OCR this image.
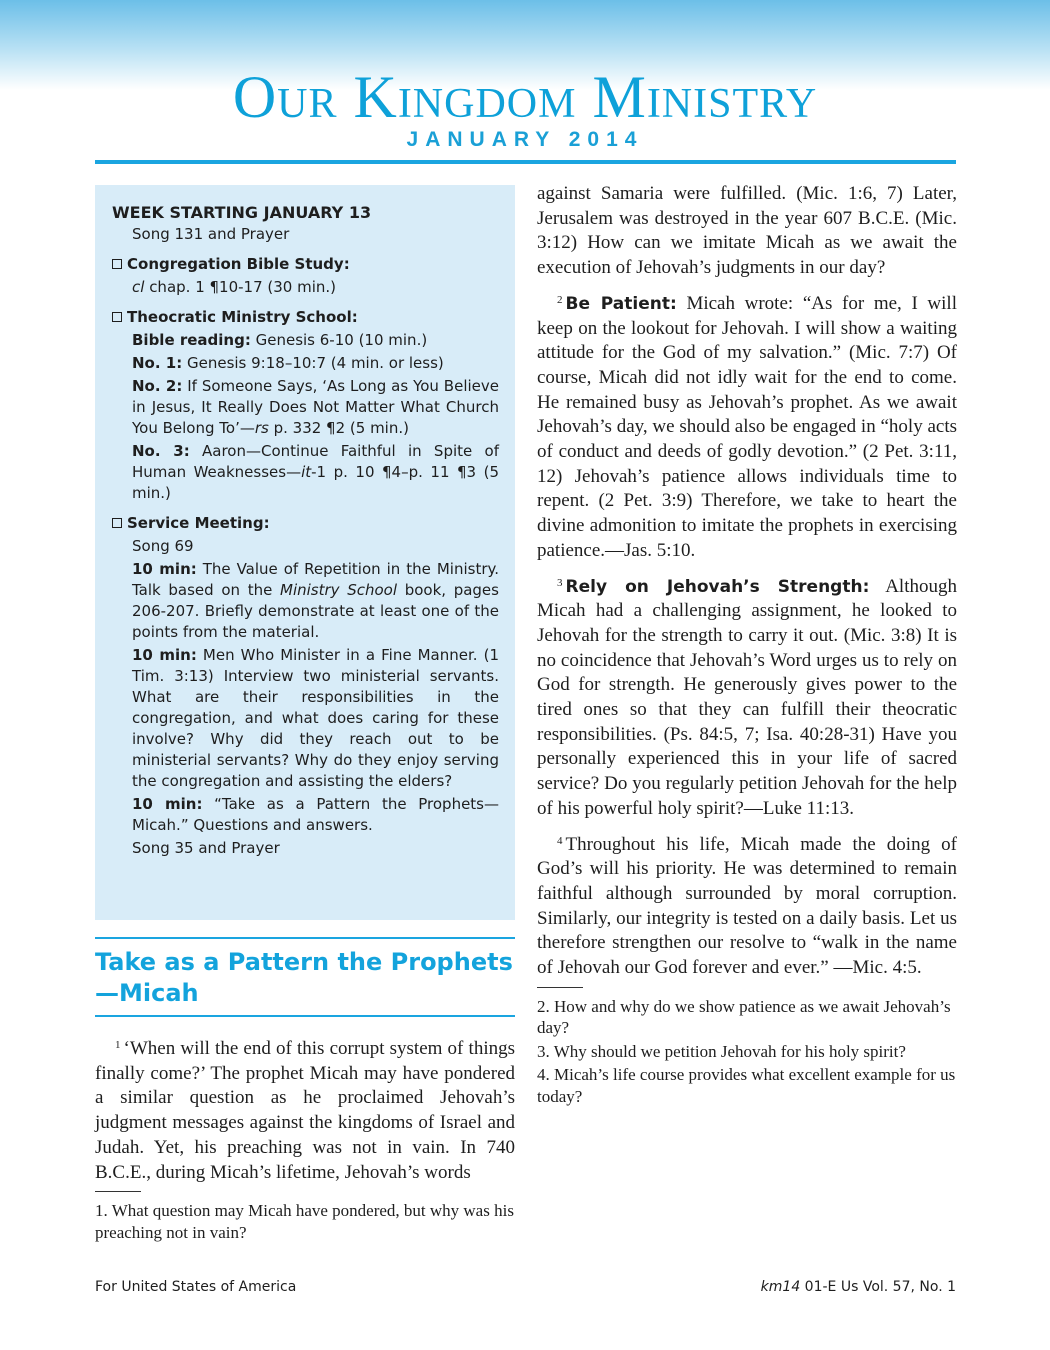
Our Kingdom Ministry
JANUARY 2014
WEEK STARTING JANUARY 13
Song 131 and Prayer
Congregation Bible Study:
cl chap. 1 ¶10-17 (30 min.)
Theocratic Ministry School:
Bible reading: Genesis 6-10 (10 min.)
No. 1: Genesis 9:18–10:7 (4 min. or less)
No. 2: If Someone Says, ‘As Long as You Believe in Jesus, It Really Does Not Matter What Church You Belong To’—rs p. 332 ¶2 (5 min.)
No. 3: Aaron—Continue Faithful in Spite of Human Weaknesses—it-1 p. 10 ¶4–p. 11 ¶3 (5 min.)
Service Meeting:
Song 69
10 min: The Value of Repetition in the Ministry. Talk based on the Ministry School book, pages 206-207. Briefly demonstrate at least one of the points from the material.
10 min: Men Who Minister in a Fine Manner. (1 Tim. 3:13) Interview two ministerial servants. What are their responsibilities in the congregation, and what does caring for these involve? Why did they reach out to be ministerial servants? Why do they enjoy serving the congregation and assisting the elders?
10 min: “Take as a Pattern the Prophets—Micah.” Questions and answers.
Song 35 and Prayer
Take as a Pattern the Prophets —Micah

$^1$ ‘When will the end of this corrupt system of things finally come?’ The prophet Micah may have pondered a similar question as he proclaimed Jehovah’s judgment messages against the kingdoms of Israel and Judah. Yet, his preaching was not in vain. In 740 B.C.E., during Micah’s lifetime, Jehovah’s words

1. What question may Micah have pondered, but why was his preaching not in vain?

against Samaria were fulfilled. (Mic. 1:6, 7) Later, Jerusalem was destroyed in the year 607 B.C.E. (Mic. 3:12) How can we imitate Micah as we await the execution of Jehovah’s judgments in our day?

$^2$ Be Patient: Micah wrote: “As for me, I will keep on the lookout for Jehovah. I will show a waiting attitude for the God of my salvation.” (Mic. 7:7) Of course, Micah did not idly wait for the end to come. He remained busy as Jehovah’s prophet. As we await Jehovah’s day, we should also be engaged in “holy acts of conduct and deeds of godly devotion.” (2 Pet. 3:11, 12) Jehovah’s patience allows individuals time to repent. (2 Pet. 3:9) Therefore, we take to heart the divine admonition to imitate the prophets in exercising patience.—Jas. 5:10.

$^3$ Rely on Jehovah’s Strength: Although Micah had a challenging assignment, he looked to Jehovah for the strength to carry it out. (Mic. 3:8) It is no coincidence that Jehovah’s Word urges us to rely on God for strength. He generously gives power to the tired ones so that they can fulfill their theocratic responsibilities. (Ps. 84:5, 7; Isa. 40:28-31) Have you personally experienced this in your life of sacred service? Do you regularly petition Jehovah for the help of his powerful holy spirit?—Luke 11:13.

$^4$ Throughout his life, Micah made the doing of God’s will his priority. He was determined to remain faithful although surrounded by moral corruption. Similarly, our integrity is tested on a daily basis. Let us therefore strengthen our resolve to “walk in the name of Jehovah our God forever and ever.” —Mic. 4:5.

2. How and why do we show patience as we await Jehovah’s day?

3. Why should we petition Jehovah for his holy spirit?

4. Micah’s life course provides what excellent example for us today?

For United States of America	km14 01-E Us Vol. 57, No. 1
